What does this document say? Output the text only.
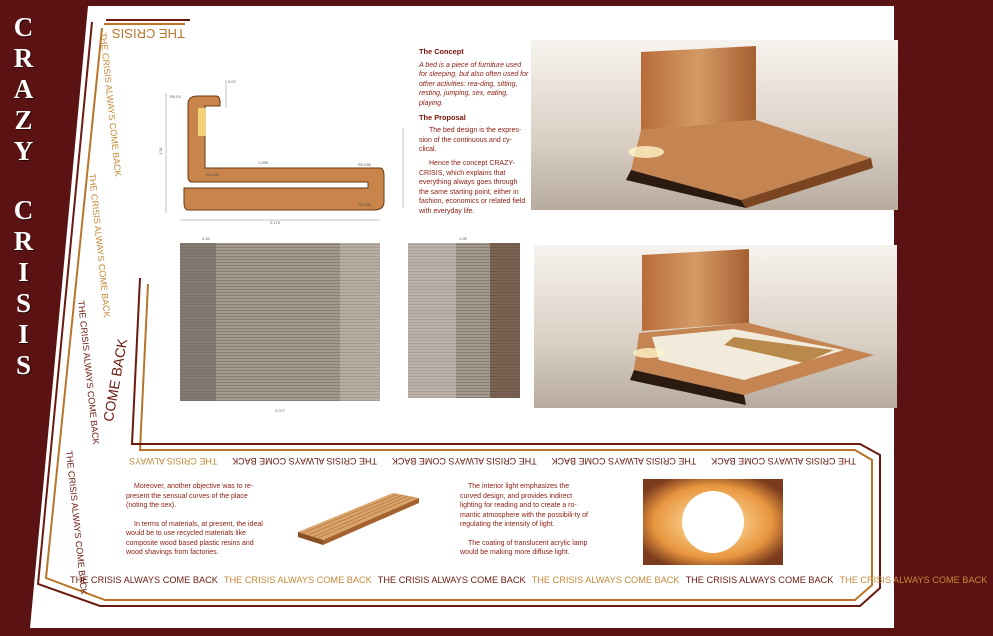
C
R
A
Z
Y
C
R
I
S
I
S
THE CRISIS
THE CRISIS ALWAYS COME BACK
THE CRISIS ALWAYS COME BACK
THE CRISIS ALWAYS COME BACK
THE CRISIS ALWAYS COME BACK
COME BACK
1.095
2.170
1.31
0.07
R0.03
R0.035
R0.035
R0.035
0.34
2.077
1.95
The Concept

A bed is a piece of furniture used for sleeping, but also often used for other activities: rea-ding, sitting, resting, jumping, sex, eating, playing.

The Proposal

The bed design is the expres-sion of the continuous and cy-clical.

Hence the concept CRAZY-CRISIS, which explains that everything always goes through the same starting point, either in fashion, economics or related field with everyday life.

THE CRISIS ALWAYS COME BACK
THE CRISIS ALWAYS COME BACK
THE CRISIS ALWAYS COME BACK
THE CRISIS ALWAYS COME BACK
THE CRISIS ALWAYS

Moreover, another objective was to re-present the sensual curves of the place (noting the sex).

In terms of materials, at present, the ideal would be to use recycled materials like composite wood based plastic resins and wood shavings from factories.

The interior light emphasizes the curved design, and provides indirect lighting for reading and to create a ro-mantic atmosphere with the possibili-ty of regulating the intensity of light.

The coating of translucent acrylic lamp would be making more diffuse light.

THE CRISIS ALWAYS COME BACK THE CRISIS ALWAYS COME BACK THE CRISIS ALWAYS COME BACK THE CRISIS ALWAYS COME BACK THE CRISIS ALWAYS COME BACK THE CRISIS ALWAYS COME BACK
